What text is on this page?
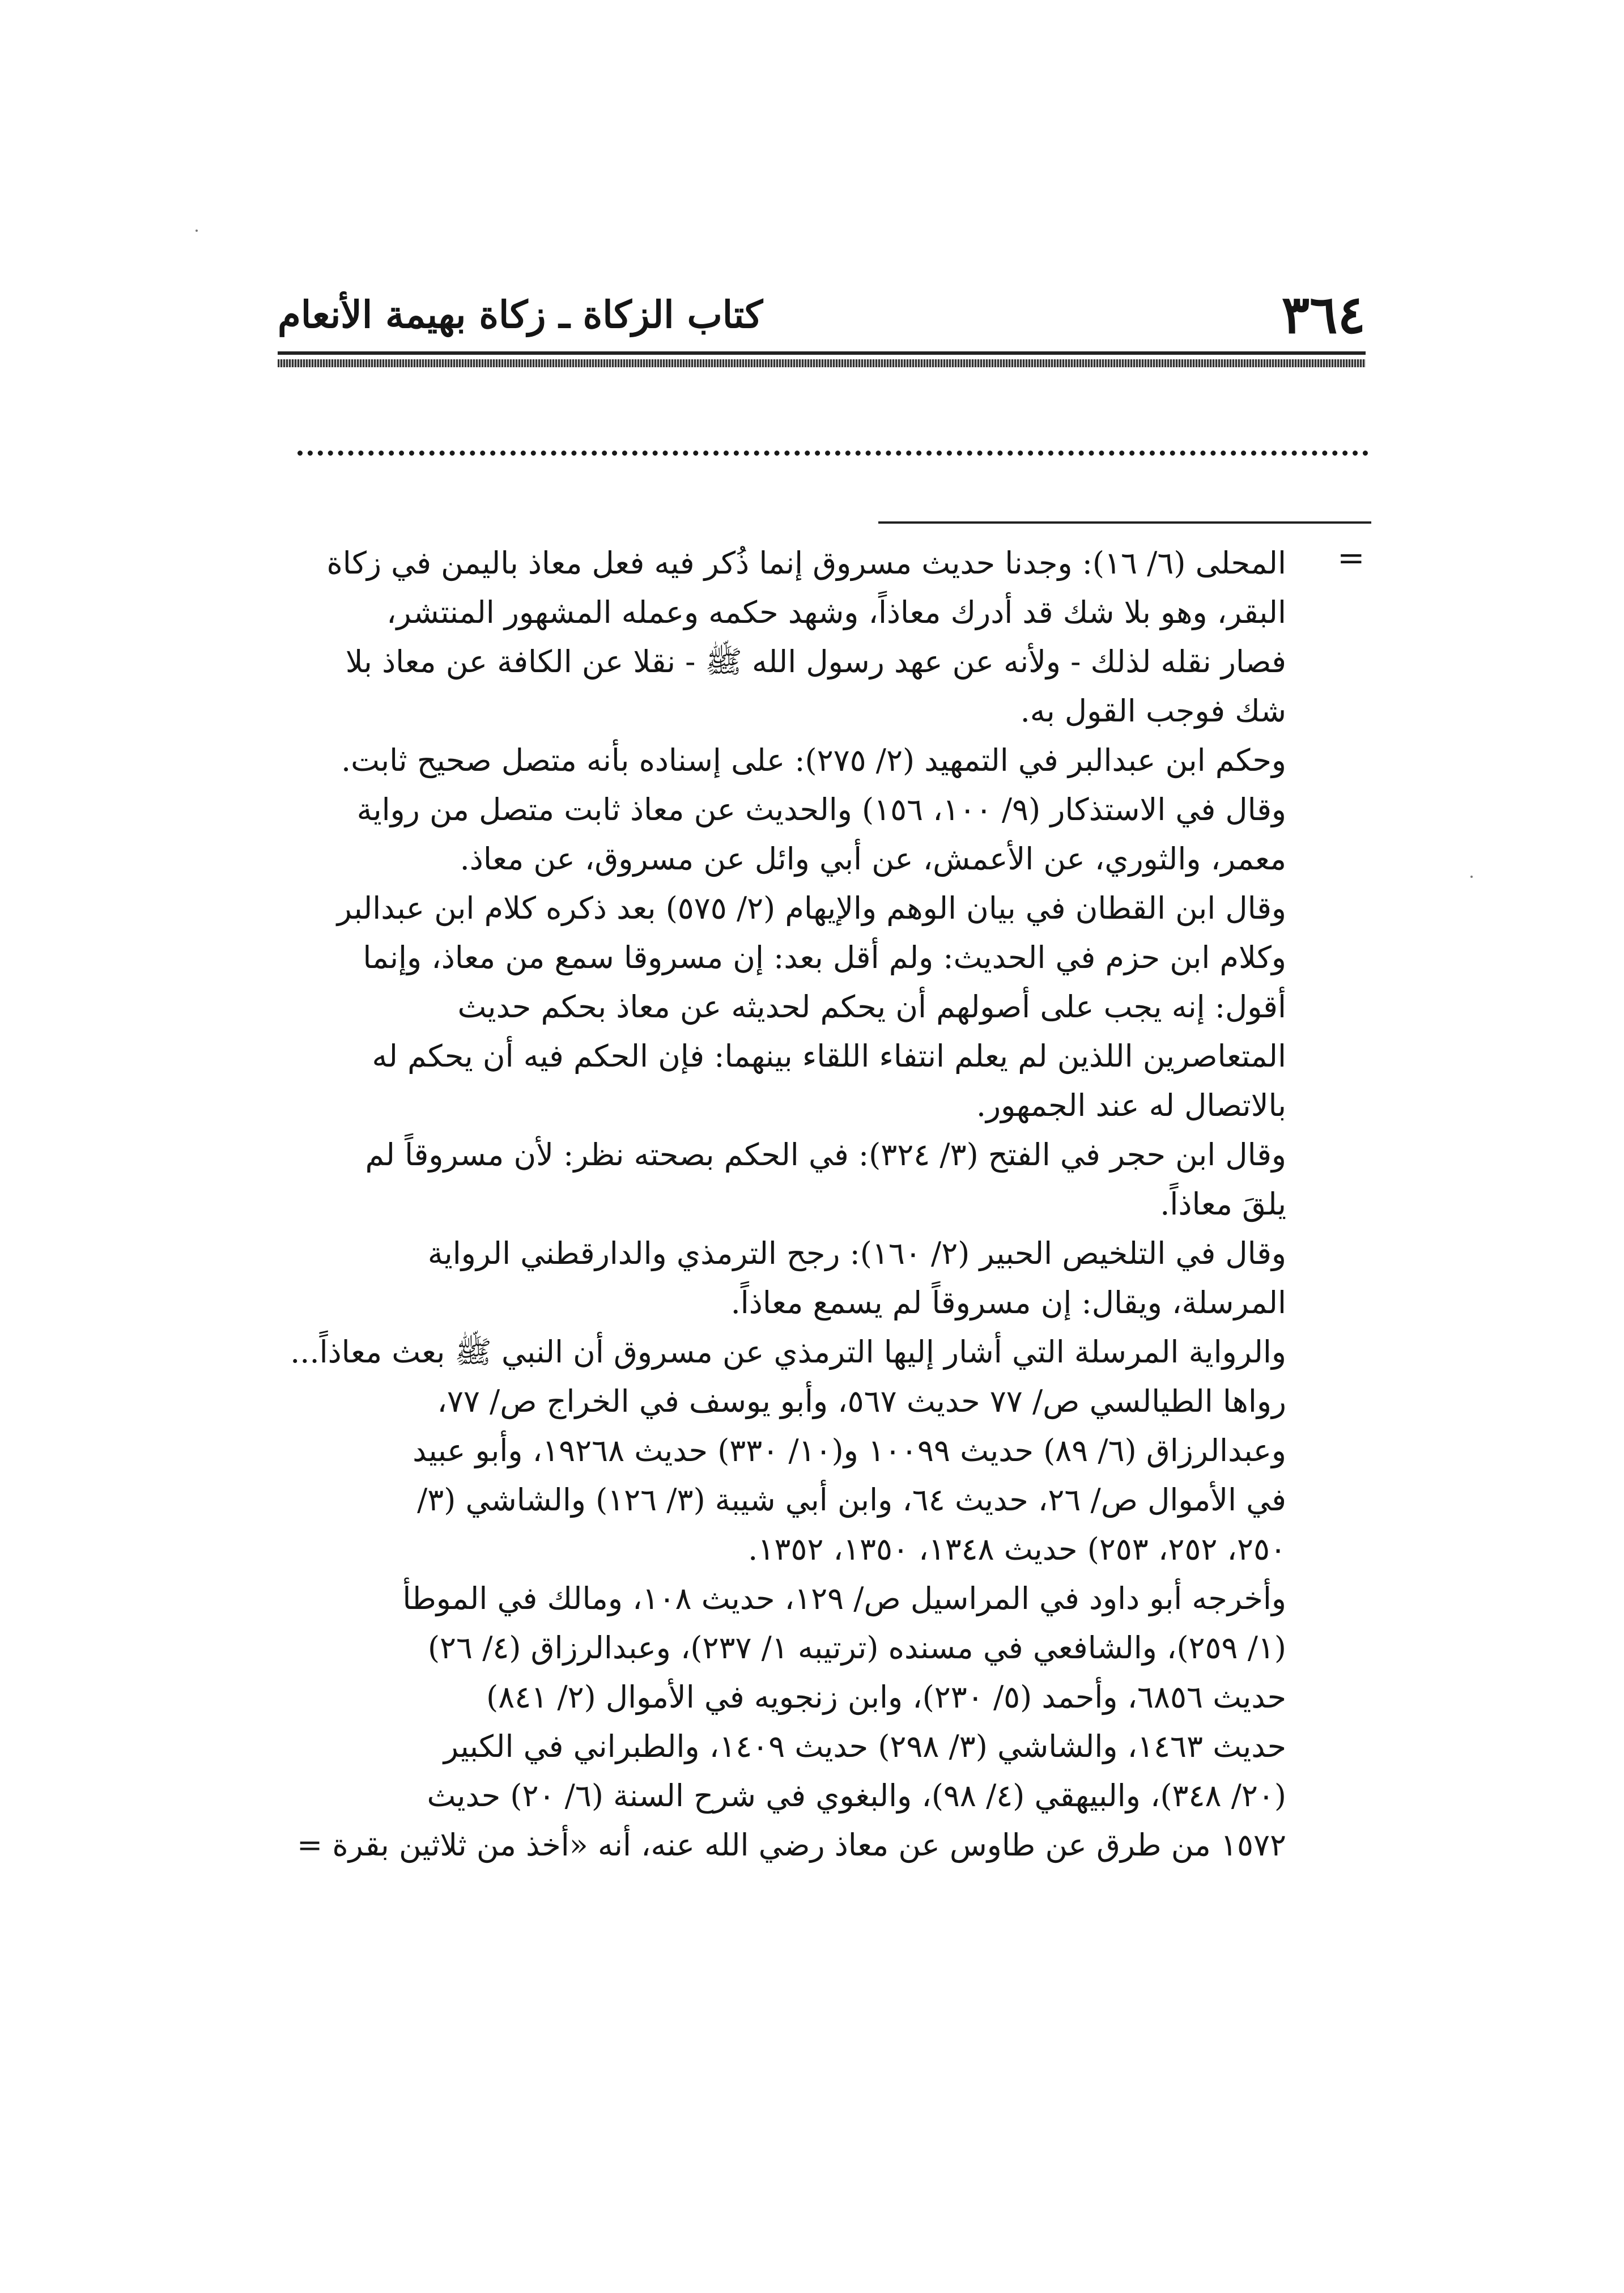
٣٦٤

كتاب الزكاة ـ زكاة بهيمة الأنعام

=

المحلى (٦/ ١٦): وجدنا حديث مسروق إنما ذُكر فيه فعل معاذ باليمن في زكاة
البقر، وهو بلا شك قد أدرك معاذاً، وشهد حكمه وعمله المشهور المنتشر،
فصار نقله لذلك - ولأنه عن عهد رسول الله ﷺ - نقلا عن الكافة عن معاذ بلا
شك فوجب القول به.
وحكم ابن عبدالبر في التمهيد (٢/ ٢٧٥): على إسناده بأنه متصل صحيح ثابت.
وقال في الاستذكار (٩/ ١٠٠، ١٥٦) والحديث عن معاذ ثابت متصل من رواية
معمر، والثوري، عن الأعمش، عن أبي وائل عن مسروق، عن معاذ.
وقال ابن القطان في بيان الوهم والإيهام (٢/ ٥٧٥) بعد ذكره كلام ابن عبدالبر
وكلام ابن حزم في الحديث: ولم أقل بعد: إن مسروقا سمع من معاذ، وإنما
أقول: إنه يجب على أصولهم أن يحكم لحديثه عن معاذ بحكم حديث
المتعاصرين اللذين لم يعلم انتفاء اللقاء بينهما: فإن الحكم فيه أن يحكم له
بالاتصال له عند الجمهور.
وقال ابن حجر في الفتح (٣/ ٣٢٤): في الحكم بصحته نظر: لأن مسروقاً لم
يلقَ معاذاً.
وقال في التلخيص الحبير (٢/ ١٦٠): رجح الترمذي والدارقطني الرواية
المرسلة، ويقال: إن مسروقاً لم يسمع معاذاً.
والرواية المرسلة التي أشار إليها الترمذي عن مسروق أن النبي ﷺ بعث معاذاً...
رواها الطيالسي ص/ ٧٧ حديث ٥٦٧، وأبو يوسف في الخراج ص/ ٧٧،
وعبدالرزاق (٦/ ٨٩) حديث ١٠٠٩٩ و(١٠/ ٣٣٠) حديث ١٩٢٦٨، وأبو عبيد
في الأموال ص/ ٢٦، حديث ٦٤، وابن أبي شيبة (٣/ ١٢٦) والشاشي (٣/
٢٥٠، ٢٥٢، ٢٥٣) حديث ١٣٤٨، ١٣٥٠، ١٣٥٢.
وأخرجه أبو داود في المراسيل ص/ ١٢٩، حديث ١٠٨، ومالك في الموطأ
(١/ ٢٥٩)، والشافعي في مسنده (ترتيبه ١/ ٢٣٧)، وعبدالرزاق (٤/ ٢٦)
حديث ٦٨٥٦، وأحمد (٥/ ٢٣٠)، وابن زنجويه في الأموال (٢/ ٨٤١)
حديث ١٤٦٣، والشاشي (٣/ ٢٩٨) حديث ١٤٠٩، والطبراني في الكبير
(٢٠/ ٣٤٨)، والبيهقي (٤/ ٩٨)، والبغوي في شرح السنة (٦/ ٢٠) حديث
١٥٧٢ من طرق عن طاوس عن معاذ رضي الله عنه، أنه «أخذ من ثلاثين بقرة =
